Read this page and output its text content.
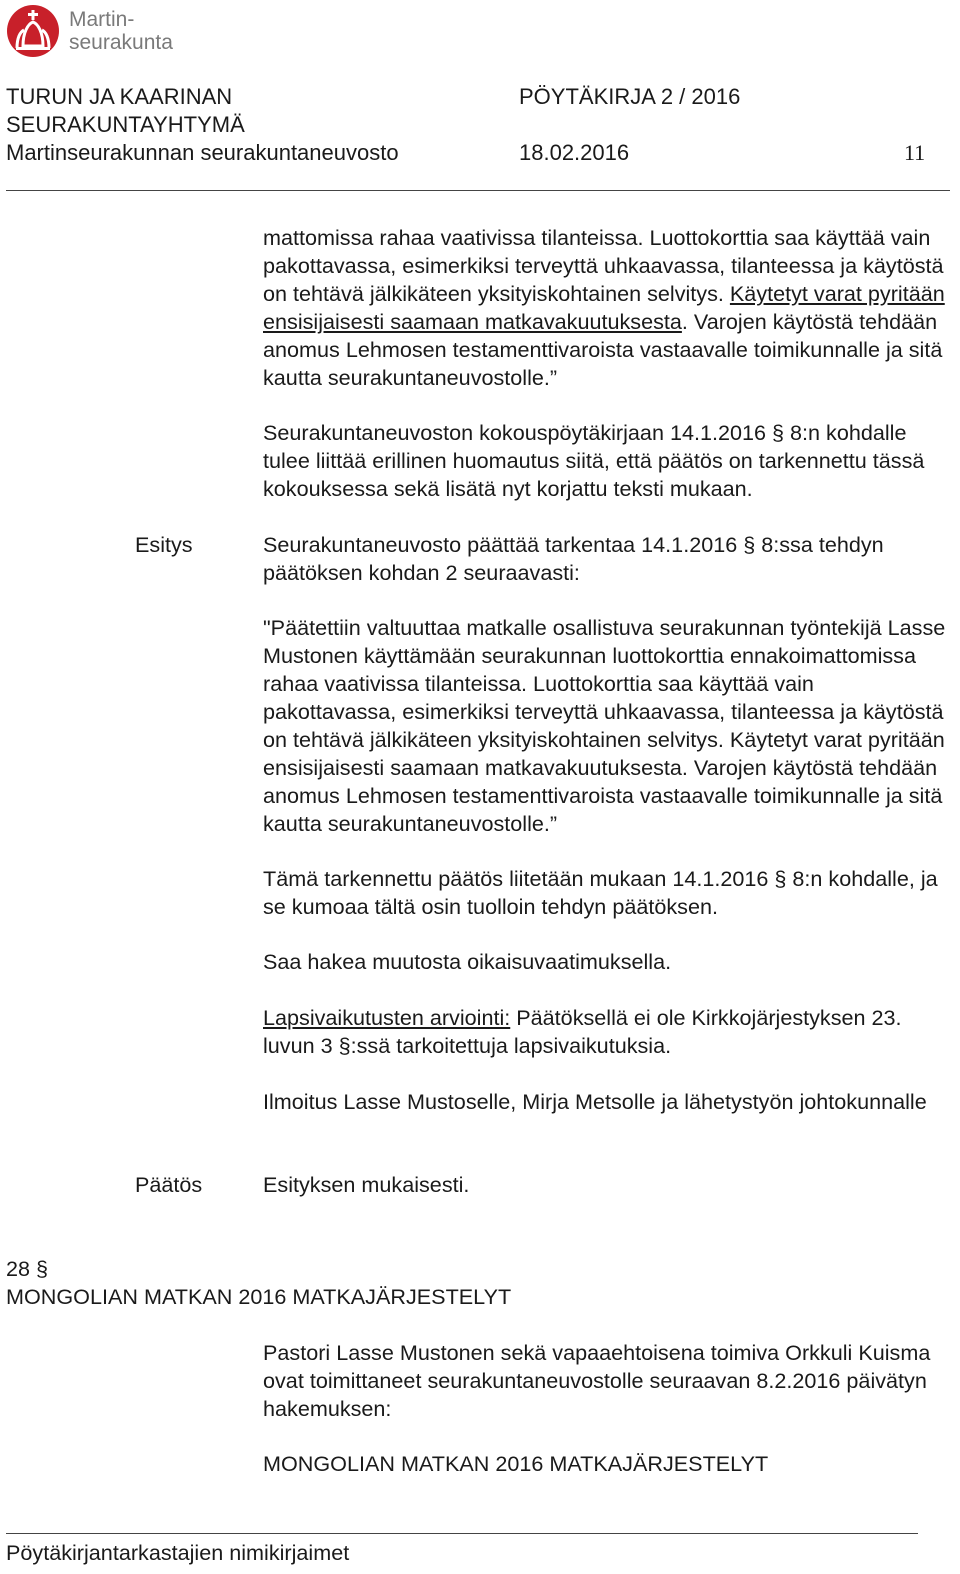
Martin-
seurakunta
TURUN JA KAARINAN
SEURAKUNTAYHTYMÄ
Martinseurakunnan seurakuntaneuvosto
PÖYTÄKIRJA 2 / 2016
18.02.2016	11

mattomissa rahaa vaativissa tilanteissa. Luottokorttia saa käyttää vain pakottavassa, esimerkiksi terveyttä uhkaavassa, tilanteessa ja käytöstä on tehtävä jälkikäteen yksityiskohtainen selvitys. Käytetyt varat pyritään ensisijaisesti saamaan matkavakuutuksesta. Varojen käytöstä tehdään anomus Lehmosen testamenttivaroista vastaavalle toimikunnalle ja sitä kautta seurakuntaneuvostolle.”

Seurakuntaneuvoston kokouspöytäkirjaan 14.1.2016 § 8:n kohdalle tulee liittää erillinen huomautus siitä, että päätös on tarkennettu tässä kokouksessa sekä lisätä nyt korjattu teksti mukaan.

Esitys	Seurakuntaneuvosto päättää tarkentaa 14.1.2016 § 8:ssa tehdyn päätöksen kohdan 2 seuraavasti:

"Päätettiin valtuuttaa matkalle osallistuva seurakunnan työntekijä Lasse Mustonen käyttämään seurakunnan luottokorttia ennakoimattomissa rahaa vaativissa tilanteissa. Luottokorttia saa käyttää vain pakottavassa, esimerkiksi terveyttä uhkaavassa, tilanteessa ja käytöstä on tehtävä jälkikäteen yksityiskohtainen selvitys. Käytetyt varat pyritään ensisijaisesti saamaan matkavakuutuksesta. Varojen käytöstä tehdään anomus Lehmosen testamenttivaroista vastaavalle toimikunnalle ja sitä kautta seurakuntaneuvostolle.”

Tämä tarkennettu päätös liitetään mukaan 14.1.2016 § 8:n kohdalle, ja se kumoaa tältä osin tuolloin tehdyn päätöksen.

Saa hakea muutosta oikaisuvaatimuksella.

Lapsivaikutusten arviointi: Päätöksellä ei ole Kirkkojärjestyksen 23. luvun 3 §:ssä tarkoitettuja lapsivaikutuksia.

Ilmoitus Lasse Mustoselle, Mirja Metsolle ja lähetystyön johtokunnalle

Päätös	Esityksen mukaisesti.

28 §
MONGOLIAN MATKAN 2016 MATKAJÄRJESTELYT

Pastori Lasse Mustonen sekä vapaaehtoisena toimiva Orkkuli Kuisma ovat toimittaneet seurakuntaneuvostolle seuraavan 8.2.2016 päivätyn hakemuksen:

MONGOLIAN MATKAN 2016 MATKAJÄRJESTELYT

Pöytäkirjantarkastajien nimikirjaimet
